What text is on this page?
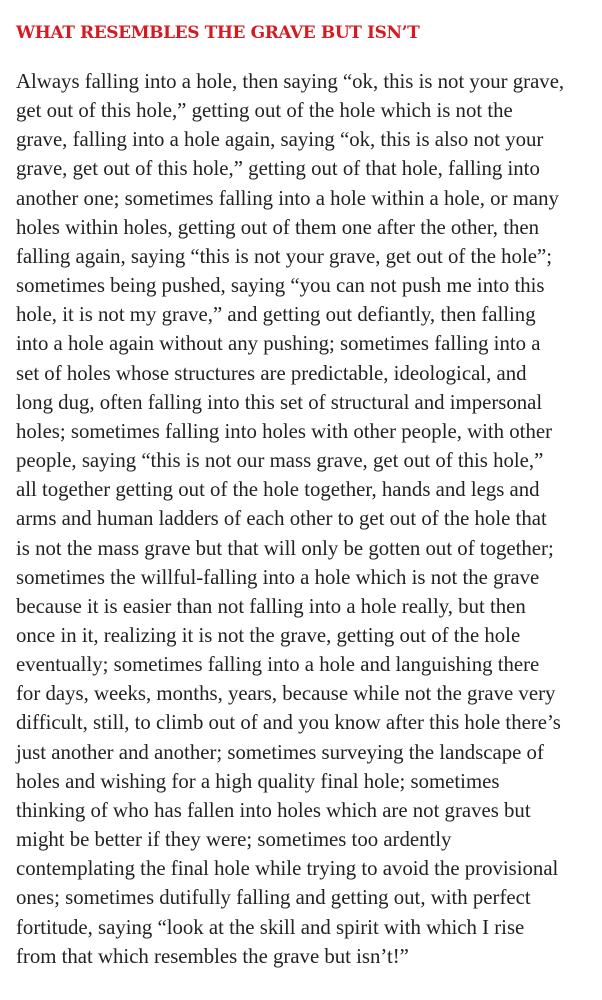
WHAT RESEMBLES THE GRAVE BUT ISN’T

Always falling into a hole, then saying “ok, this is not your grave,
get out of this hole,” getting out of the hole which is not the
grave, falling into a hole again, saying “ok, this is also not your
grave, get out of this hole,” getting out of that hole, falling into
another one; sometimes falling into a hole within a hole, or many
holes within holes, getting out of them one after the other, then
falling again, saying “this is not your grave, get out of the hole”;
sometimes being pushed, saying “you can not push me into this
hole, it is not my grave,” and getting out defiantly, then falling
into a hole again without any pushing; sometimes falling into a
set of holes whose structures are predictable, ideological, and
long dug, often falling into this set of structural and impersonal
holes; sometimes falling into holes with other people, with other
people, saying “this is not our mass grave, get out of this hole,”
all together getting out of the hole together, hands and legs and
arms and human ladders of each other to get out of the hole that
is not the mass grave but that will only be gotten out of together;
sometimes the willful-falling into a hole which is not the grave
because it is easier than not falling into a hole really, but then
once in it, realizing it is not the grave, getting out of the hole
eventually; sometimes falling into a hole and languishing there
for days, weeks, months, years, because while not the grave very
difficult, still, to climb out of and you know after this hole there’s
just another and another; sometimes surveying the landscape of
holes and wishing for a high quality final hole; sometimes
thinking of who has fallen into holes which are not graves but
might be better if they were; sometimes too ardently
contemplating the final hole while trying to avoid the provisional
ones; sometimes dutifully falling and getting out, with perfect
fortitude, saying “look at the skill and spirit with which I rise
from that which resembles the grave but isn’t!”
